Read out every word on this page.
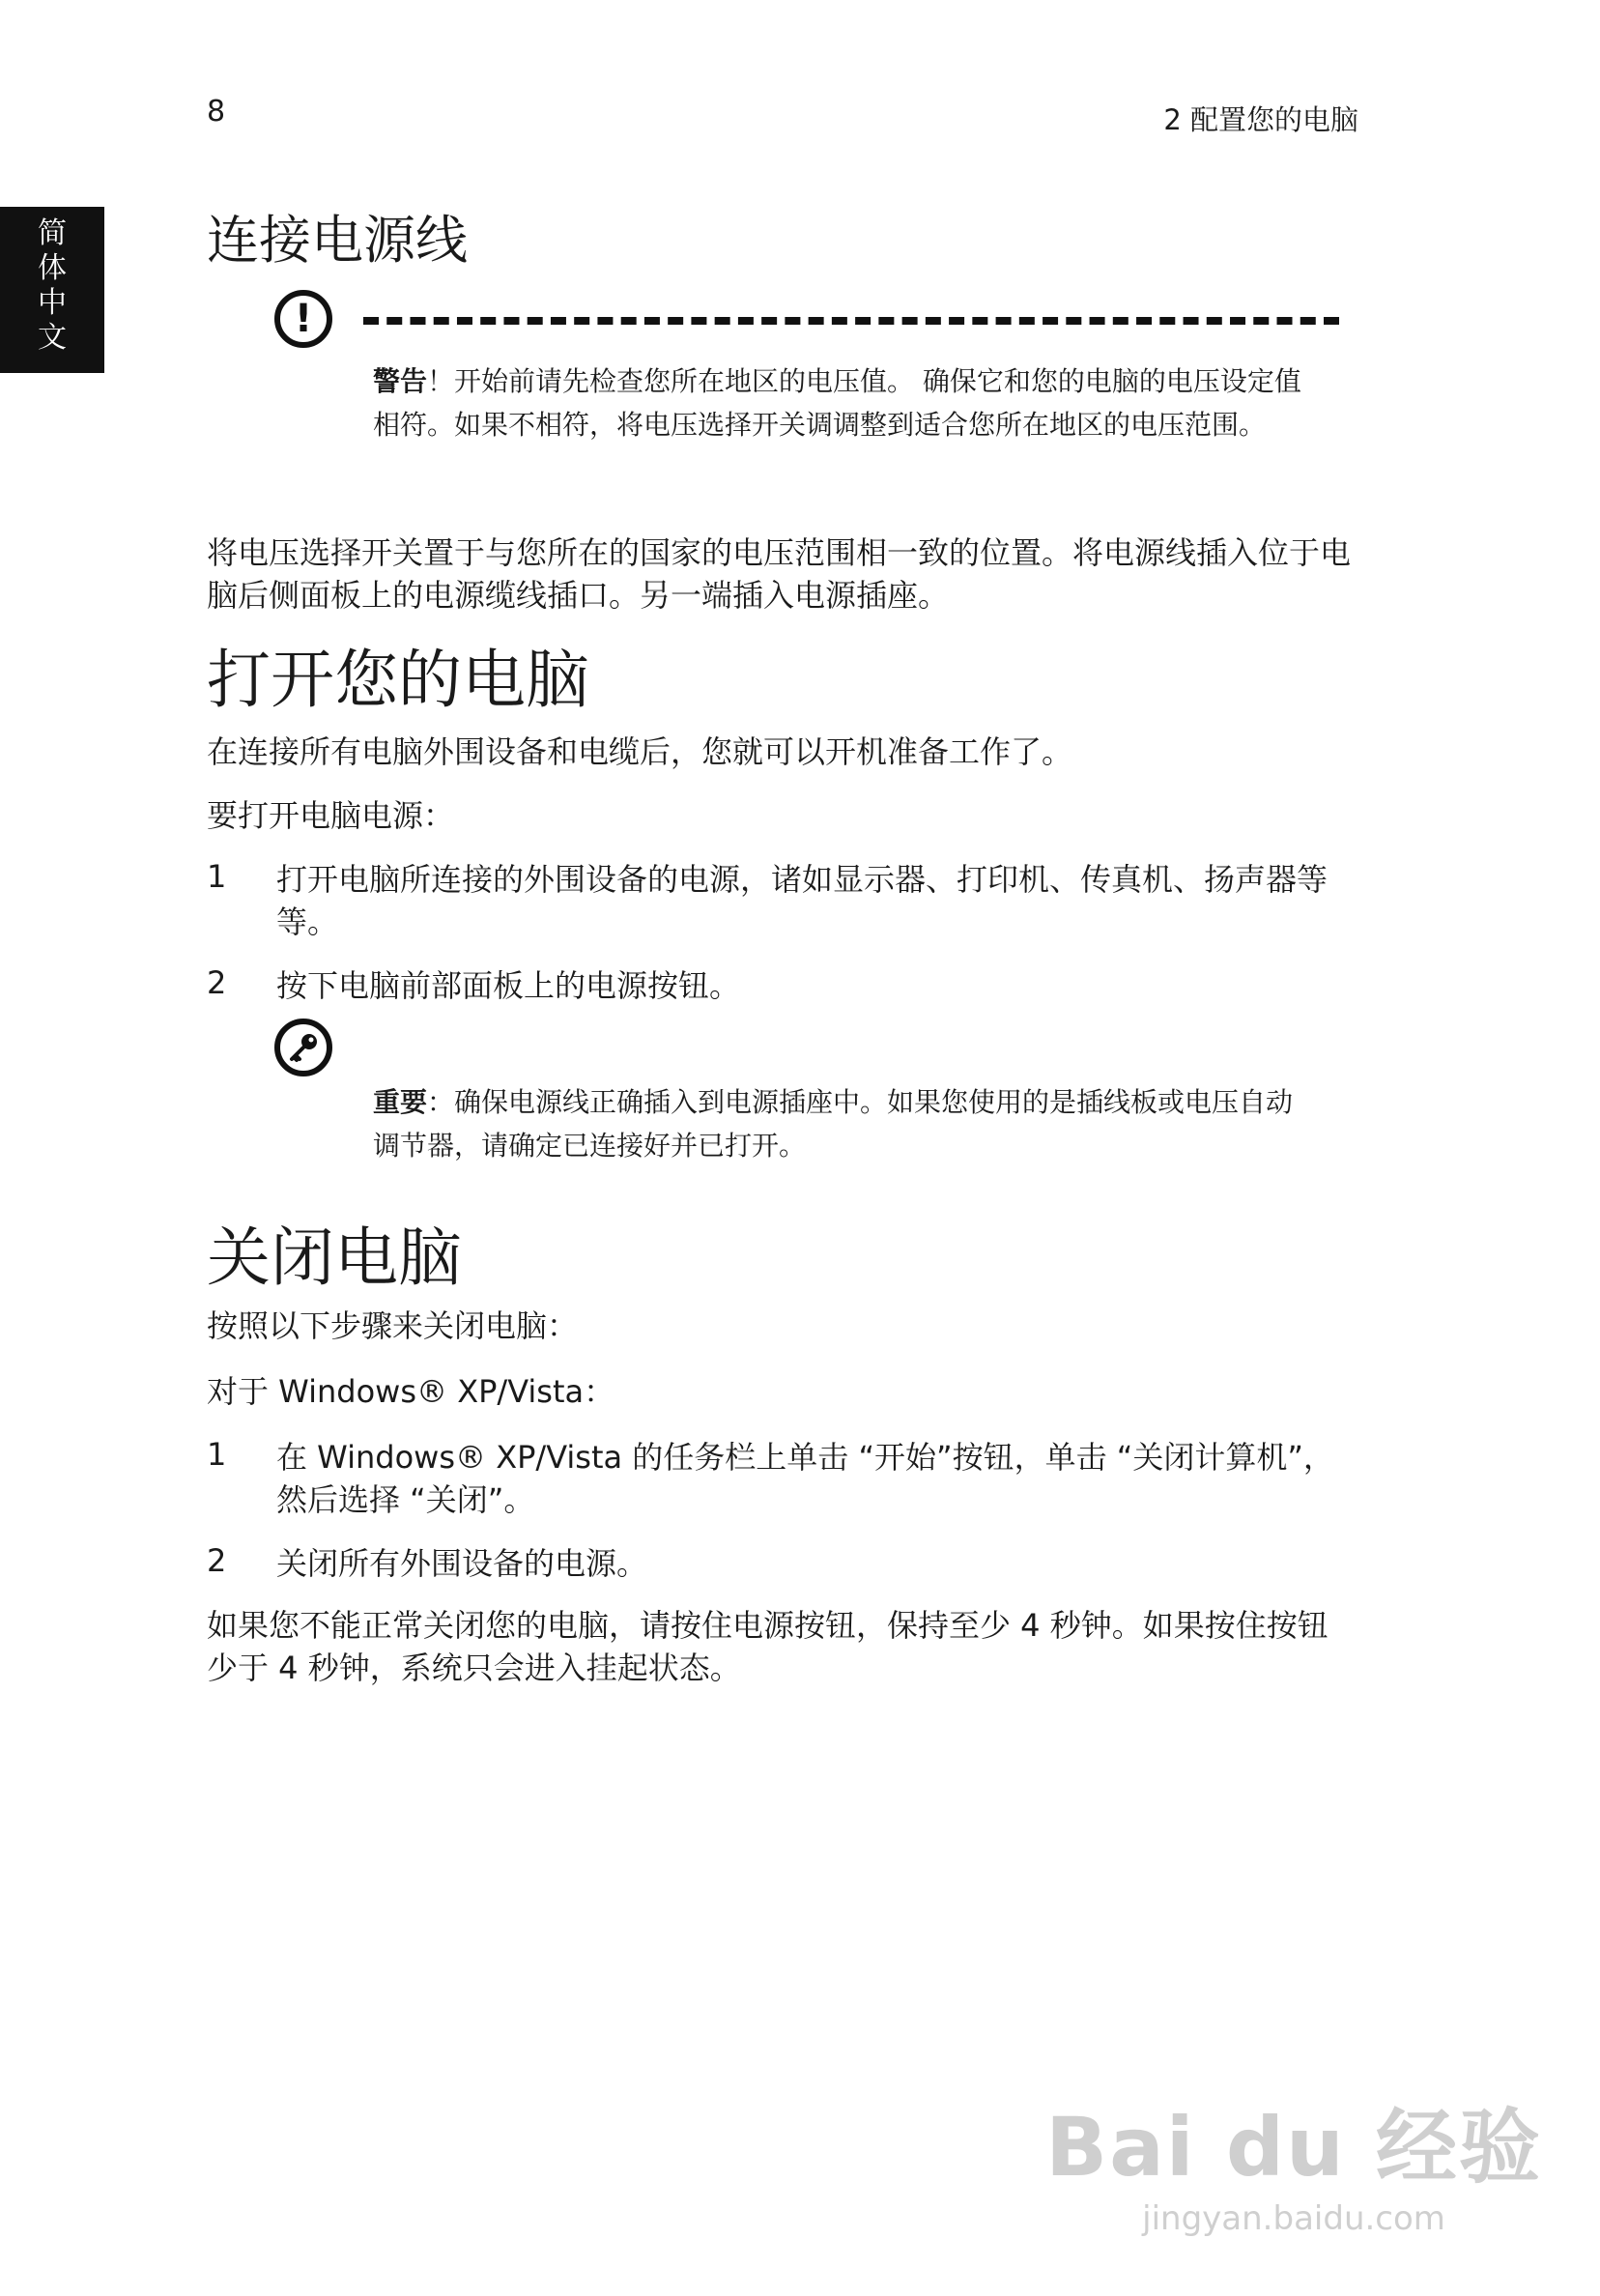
8	2 配置您的电脑
简
体
中
文
连接电源线
!
警告！开始前请先检查您所在地区的电压值。 确保它和您的电脑的电压设定值相符。如果不相符，将电压选择开关调调整到适合您所在地区的电压范围。

将电压选择开关置于与您所在的国家的电压范围相一致的位置。将电源线插入位于电脑后侧面板上的电源缆线插口。另一端插入电源插座。

打开您的电脑

在连接所有电脑外围设备和电缆后，您就可以开机准备工作了。

要打开电脑电源：

1 打开电脑所连接的外围设备的电源，诸如显示器、打印机、传真机、扬声器等等。

2 按下电脑前部面板上的电源按钮。

重要：确保电源线正确插入到电源插座中。如果您使用的是插线板或电压自动调节器，请确定已连接好并已打开。
关闭电脑

按照以下步骤来关闭电脑：

对于 Windows® XP/Vista：

1 在 Windows® XP/Vista 的任务栏上单击 “开始”按钮，单击 “关闭计算机”，然后选择 “关闭”。

2 关闭所有外围设备的电源。

如果您不能正常关闭您的电脑，请按住电源按钮，保持至少 4 秒钟。如果按住按钮少于 4 秒钟，系统只会进入挂起状态。

Bai du 经验
jingyan.baidu.com
